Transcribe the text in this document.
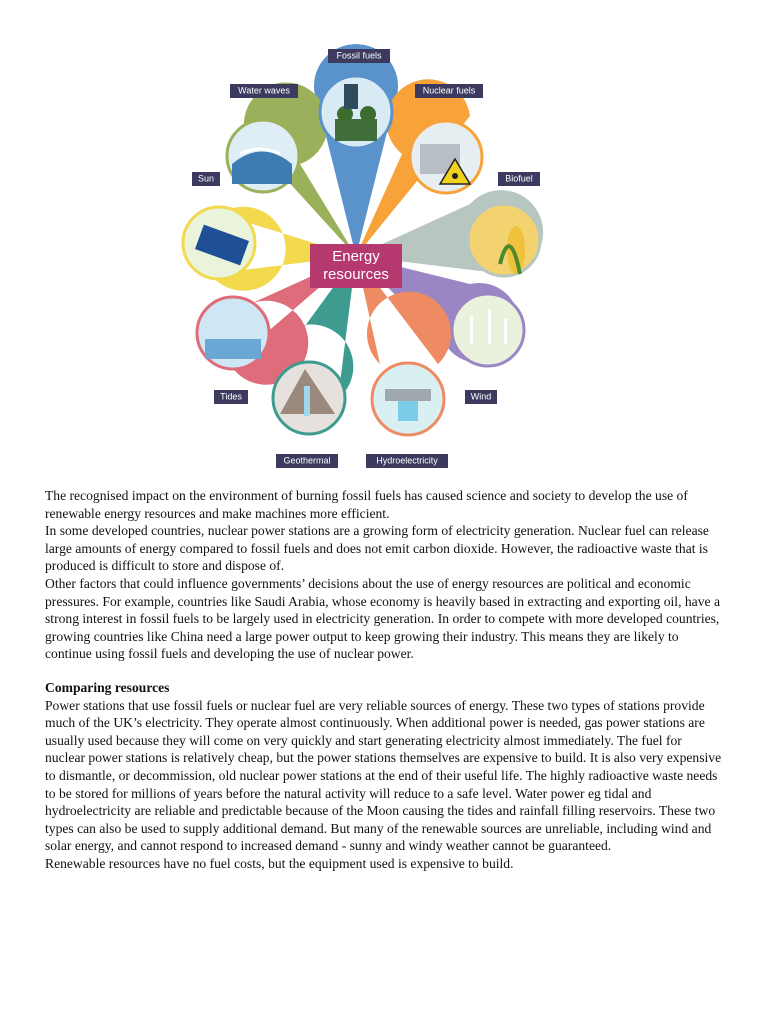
Energy
resources
Fossil fuels
Nuclear fuels
Biofuel
Wind
Hydroelectricity
Geothermal
Tides
Sun
Water waves

The recognised impact on the environment of burning fossil fuels has caused science and society to develop the use of renewable energy resources and make machines more efficient.

In some developed countries, nuclear power stations are a growing form of electricity generation. Nuclear fuel can release large amounts of energy compared to fossil fuels and does not emit carbon dioxide. However, the radioactive waste that is produced is difficult to store and dispose of.

Other factors that could influence governments’ decisions about the use of energy resources are political and economic pressures. For example, countries like Saudi Arabia, whose economy is heavily based in extracting and exporting oil, have a strong interest in fossil fuels to be largely used in electricity generation. In order to compete with more developed countries, growing countries like China need a large power output to keep growing their industry. This means they are likely to continue using fossil fuels and developing the use of nuclear power.

Comparing resources

Power stations that use fossil fuels or nuclear fuel are very reliable sources of energy. These two types of stations provide much of the UK’s electricity. They operate almost continuously. When additional power is needed, gas power stations are usually used because they will come on very quickly and start generating electricity almost immediately. The fuel for nuclear power stations is relatively cheap, but the power stations themselves are expensive to build. It is also very expensive to dismantle, or decommission, old nuclear power stations at the end of their useful life. The highly radioactive waste needs to be stored for millions of years before the natural activity will reduce to a safe level. Water power eg tidal and hydroelectricity are reliable and predictable because of the Moon causing the tides and rainfall filling reservoirs. These two types can also be used to supply additional demand. But many of the renewable sources are unreliable, including wind and solar energy, and cannot respond to increased demand - sunny and windy weather cannot be guaranteed.

Renewable resources have no fuel costs, but the equipment used is expensive to build.
